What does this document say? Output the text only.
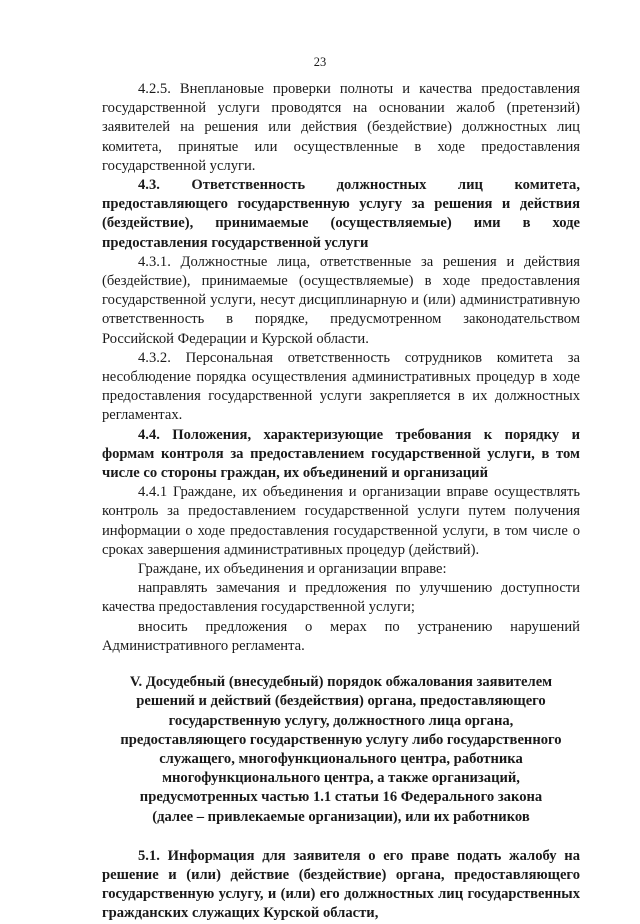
23

4.2.5. Внеплановые проверки полноты и качества предоставления государственной услуги проводятся на основании жалоб (претензий) заявителей на решения или действия (бездействие) должностных лиц комитета, принятые или осуществленные в ходе предоставления государственной услуги.

4.3. Ответственность должностных лиц комитета, предоставляющего государственную услугу за решения и действия (бездействие), принимаемые (осуществляемые) ими в ходе предоставления государственной услуги

4.3.1. Должностные лица, ответственные за решения и действия (бездействие), принимаемые (осуществляемые) в ходе предоставления государственной услуги, несут дисциплинарную и (или) административную ответственность в порядке, предусмотренном законодательством Российской Федерации и Курской области.

4.3.2. Персональная ответственность сотрудников комитета за несоблюдение порядка осуществления административных процедур в ходе предоставления государственной услуги закрепляется в их должностных регламентах.

4.4. Положения, характеризующие требования к порядку и формам контроля за предоставлением государственной услуги, в том числе со стороны граждан, их объединений и организаций

4.4.1 Граждане, их объединения и организации вправе осуществлять контроль за предоставлением государственной услуги путем получения информации о ходе предоставления государственной услуги, в том числе о сроках завершения административных процедур (действий).

Граждане, их объединения и организации вправе:

направлять замечания и предложения по улучшению доступности качества предоставления государственной услуги;

вносить предложения о мерах по устранению нарушений Административного регламента.

V. Досудебный (внесудебный) порядок обжалования заявителем
решений и действий (бездействия) органа, предоставляющего
государственную услугу, должностного лица органа,
предоставляющего государственную услугу либо государственного
служащего, многофункционального центра, работника
многофункционального центра, а также организаций,
предусмотренных частью 1.1 статьи 16 Федерального закона
(далее – привлекаемые организации), или их работников

5.1. Информация для заявителя о его праве подать жалобу на решение и (или) действие (бездействие) органа, предоставляющего государственную услугу, и (или) его должностных лиц государственных гражданских служащих Курской области,
